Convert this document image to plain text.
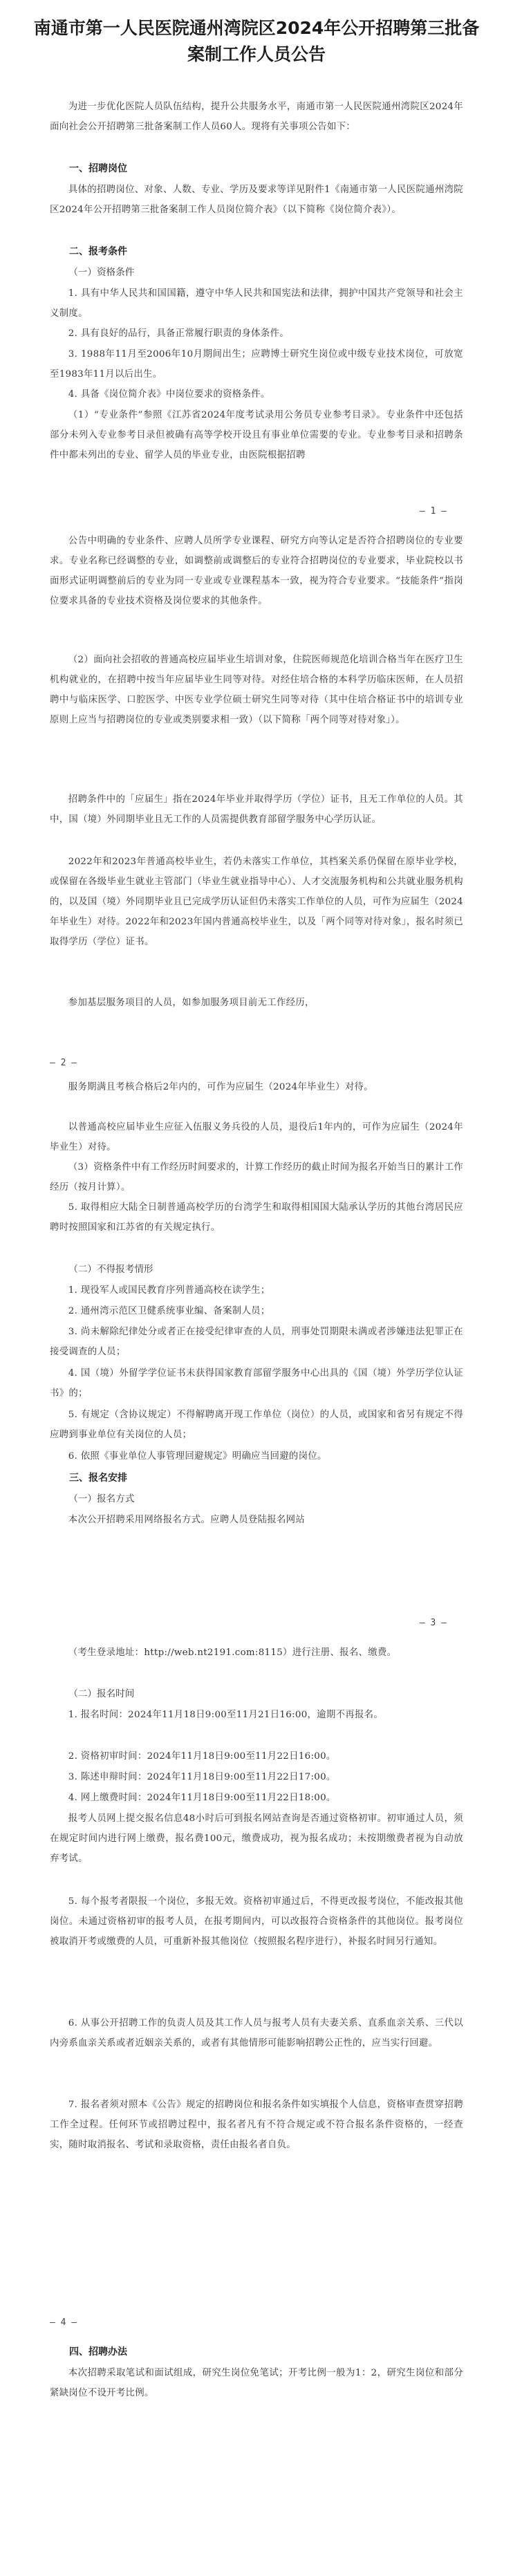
南通市第一人民医院通州湾院区2024年公开招聘第三批备案制工作人员公告

为进一步优化医院人员队伍结构，提升公共服务水平，南通市第一人民医院通州湾院区2024年面向社会公开招聘第三批备案制工作人员60人。现将有关事项公告如下：

一、招聘岗位

具体的招聘岗位、对象、人数、专业、学历及要求等详见附件1《南通市第一人民医院通州湾院区2024年公开招聘第三批备案制工作人员岗位简介表》（以下简称《岗位简介表》）。

二、报考条件

（一）资格条件

1. 具有中华人民共和国国籍，遵守中华人民共和国宪法和法律，拥护中国共产党领导和社会主义制度。

2. 具有良好的品行，具备正常履行职责的身体条件。

3. 1988年11月至2006年10月期间出生；应聘博士研究生岗位或中级专业技术岗位，可放宽至1983年11月以后出生。

4. 具备《岗位简介表》中岗位要求的资格条件。

（1）“专业条件”参照《江苏省2024年度考试录用公务员专业参考目录》。专业条件中还包括部分未列入专业参考目录但被确有高等学校开设且有事业单位需要的专业。专业参考目录和招聘条件中都未列出的专业、留学人员的毕业专业，由医院根据招聘

— 1 —

公告中明确的专业条件、应聘人员所学专业课程、研究方向等认定是否符合招聘岗位的专业要求。专业名称已经调整的专业，如调整前或调整后的专业符合招聘岗位的专业要求，毕业院校以书面形式证明调整前后的专业为同一专业或专业课程基本一致，视为符合专业要求。“技能条件”指岗位要求具备的专业技术资格及岗位要求的其他条件。

（2）面向社会招收的普通高校应届毕业生培训对象，住院医师规范化培训合格当年在医疗卫生机构就业的，在招聘中按当年应届毕业生同等对待。对经住培合格的本科学历临床医师，在人员招聘中与临床医学、口腔医学、中医专业学位硕士研究生同等对待（其中住培合格证书中的培训专业原则上应当与招聘岗位的专业或类别要求相一致）（以下简称「两个同等对待对象」）。

招聘条件中的「应届生」指在2024年毕业并取得学历（学位）证书，且无工作单位的人员。其中，国（境）外同期毕业且无工作的人员需提供教育部留学服务中心学历认证。

2022年和2023年普通高校毕业生，若仍未落实工作单位，其档案关系仍保留在原毕业学校，或保留在各级毕业生就业主管部门（毕业生就业指导中心）、人才交流服务机构和公共就业服务机构的，以及国（境）外同期毕业且已完成学历认证但仍未落实工作单位的人员，可作为应届生（2024年毕业生）对待。2022年和2023年国内普通高校毕业生，以及「两个同等对待对象」，报名时须已取得学历（学位）证书。

参加基层服务项目的人员，如参加服务项目前无工作经历，

— 2 —

服务期满且考核合格后2年内的，可作为应届生（2024年毕业生）对待。

以普通高校应届毕业生应征入伍服义务兵役的人员，退役后1年内的，可作为应届生（2024年毕业生）对待。

（3）资格条件中有工作经历时间要求的，计算工作经历的截止时间为报名开始当日的累计工作经历（按月计算）。

5. 取得相应大陆全日制普通高校学历的台湾学生和取得相国国大陆承认学历的其他台湾居民应聘时按照国家和江苏省的有关规定执行。

（二）不得报考情形

1. 现役军人或国民教育序列普通高校在读学生；

2. 通州湾示范区卫健系统事业编、备案制人员；

3. 尚未解除纪律处分或者正在接受纪律审查的人员，刑事处罚期限未满或者涉嫌违法犯罪正在接受调查的人员；

4. 国（境）外留学学位证书未获得国家教育部留学服务中心出具的《国（境）外学历学位认证书》的；

5. 有规定（含协议规定）不得解聘离开现工作单位（岗位）的人员，或国家和省另有规定不得应聘到事业单位有关岗位的人员；

6. 依照《事业单位人事管理回避规定》明确应当回避的岗位。

三、报名安排

（一）报名方式

本次公开招聘采用网络报名方式。应聘人员登陆报名网站

— 3 —

（考生登录地址：http://web.nt2191.com:8115）进行注册、报名、缴费。

（二）报名时间

1. 报名时间：2024年11月18日9:00至11月21日16:00，逾期不再报名。

2. 资格初审时间：2024年11月18日9:00至11月22日16:00。

3. 陈述申辩时间：2024年11月18日9:00至11月22日17:00。

4. 网上缴费时间：2024年11月18日9:00至11月22日18:00。

报考人员网上提交报名信息48小时后可到报名网站查询是否通过资格初审。初审通过人员，须在规定时间内进行网上缴费，报名费100元，缴费成功，视为报名成功；未按期缴费者视为自动放弃考试。

5. 每个报考者限报一个岗位，多报无效。资格初审通过后，不得更改报考岗位，不能改报其他岗位。未通过资格初审的报考人员，在报考期间内，可以改报符合资格条件的其他岗位。报考岗位被取消开考或缴费的人员，可重新补报其他岗位（按照报名程序进行），补报名时间另行通知。

6. 从事公开招聘工作的负责人员及其工作人员与报考人员有夫妻关系、直系血亲关系、三代以内旁系血亲关系或者近姻亲关系的，或者有其他情形可能影响招聘公正性的，应当实行回避。

7. 报名者须对照本《公告》规定的招聘岗位和报名条件如实填报个人信息，资格审查贯穿招聘工作全过程。任何环节或招聘过程中，报名者凡有不符合规定或不符合报名条件资格的，一经查实，随时取消报名、考试和录取资格，责任由报名者自负。

— 4 —

四、招聘办法

本次招聘采取笔试和面试组成，研究生岗位免笔试；开考比例一般为1：2，研究生岗位和部分紧缺岗位不设开考比例。
